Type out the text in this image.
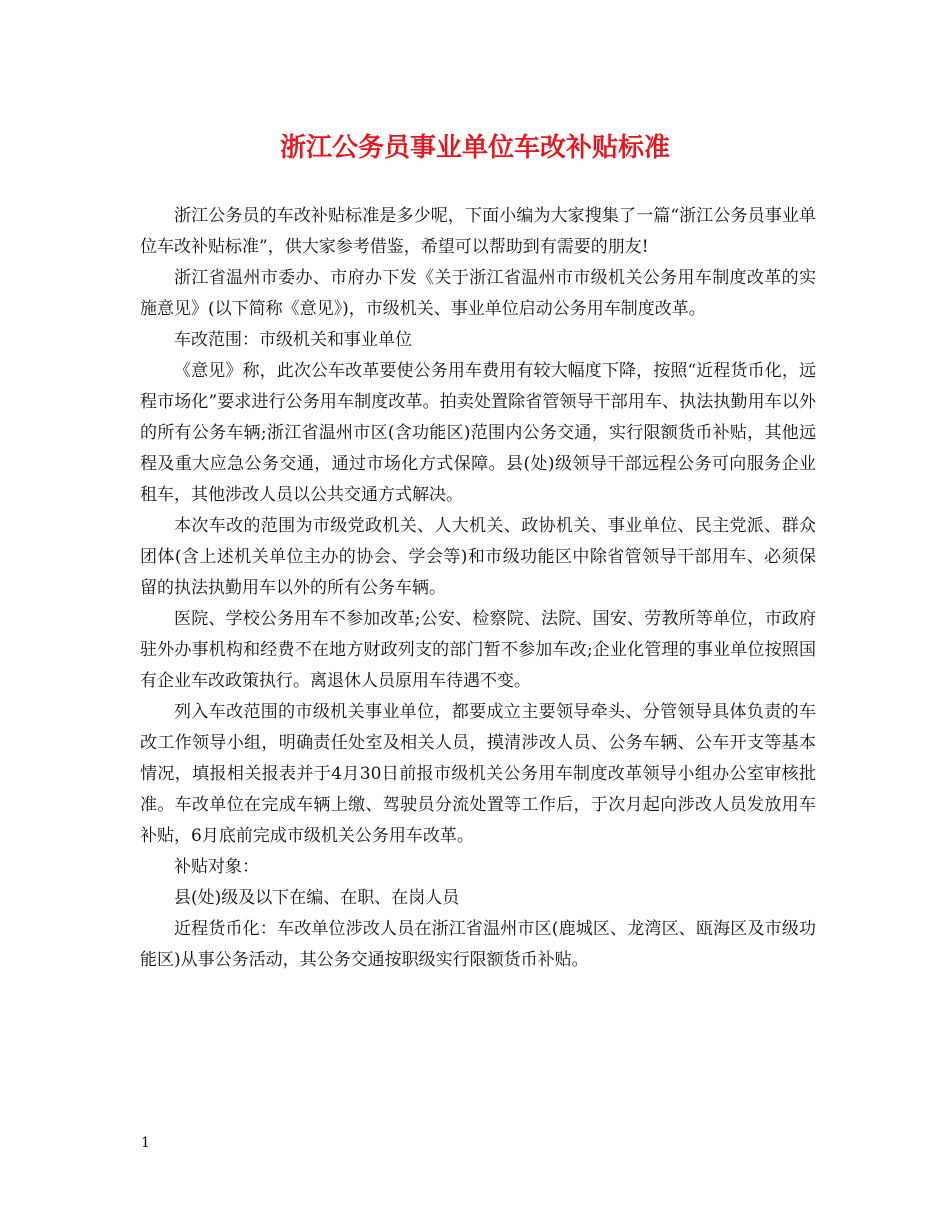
浙江公务员事业单位车改补贴标准

浙江公务员的车改补贴标准是多少呢，下面小编为大家搜集了一篇“浙江公务员事业单位车改补贴标准”，供大家参考借鉴，希望可以帮助到有需要的朋友!

浙江省温州市委办、市府办下发《关于浙江省温州市市级机关公务用车制度改革的实施意见》(以下简称《意见》)，市级机关、事业单位启动公务用车制度改革。

车改范围：市级机关和事业单位

《意见》称，此次公车改革要使公务用车费用有较大幅度下降，按照“近程货币化，远程市场化”要求进行公务用车制度改革。拍卖处置除省管领导干部用车、执法执勤用车以外的所有公务车辆;浙江省温州市区(含功能区)范围内公务交通，实行限额货币补贴，其他远程及重大应急公务交通，通过市场化方式保障。县(处)级领导干部远程公务可向服务企业租车，其他涉改人员以公共交通方式解决。

本次车改的范围为市级党政机关、人大机关、政协机关、事业单位、民主党派、群众团体(含上述机关单位主办的协会、学会等)和市级功能区中除省管领导干部用车、必须保留的执法执勤用车以外的所有公务车辆。

医院、学校公务用车不参加改革;公安、检察院、法院、国安、劳教所等单位，市政府驻外办事机构和经费不在地方财政列支的部门暂不参加车改;企业化管理的事业单位按照国有企业车改政策执行。离退休人员原用车待遇不变。

列入车改范围的市级机关事业单位，都要成立主要领导牵头、分管领导具体负责的车改工作领导小组，明确责任处室及相关人员，摸清涉改人员、公务车辆、公车开支等基本情况，填报相关报表并于4月30日前报市级机关公务用车制度改革领导小组办公室审核批准。车改单位在完成车辆上缴、驾驶员分流处置等工作后，于次月起向涉改人员发放用车补贴，6月底前完成市级机关公务用车改革。

补贴对象：

县(处)级及以下在编、在职、在岗人员

近程货币化：车改单位涉改人员在浙江省温州市区(鹿城区、龙湾区、瓯海区及市级功能区)从事公务活动，其公务交通按职级实行限额货币补贴。

1
